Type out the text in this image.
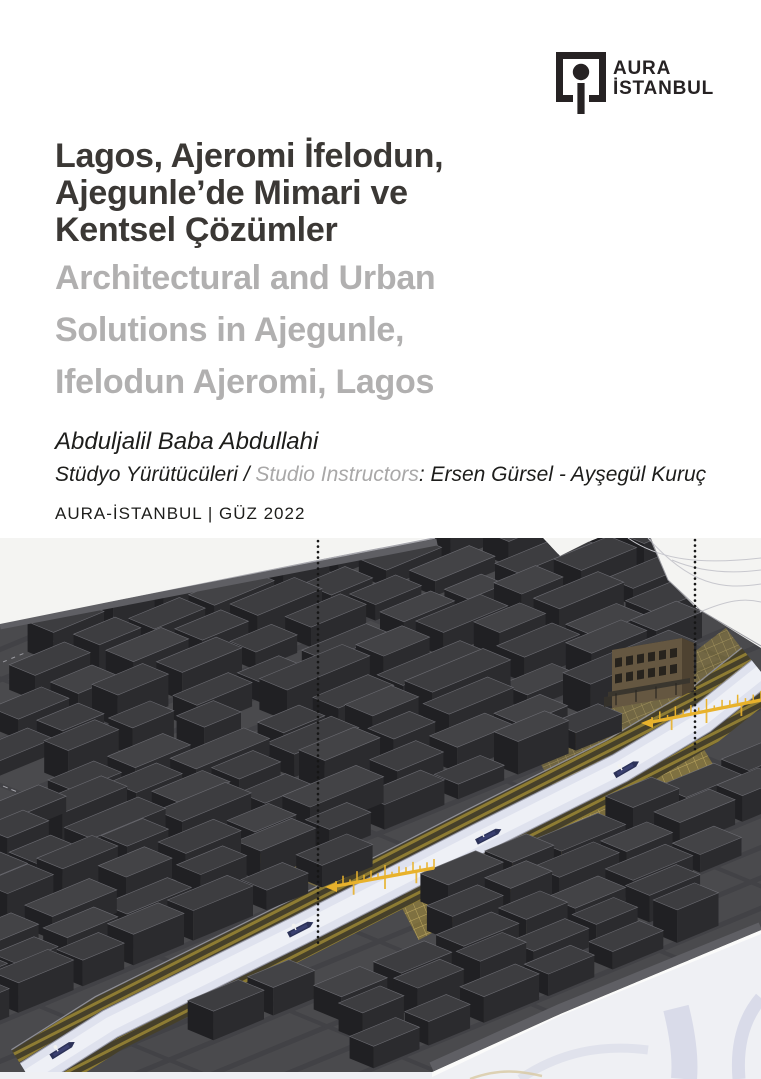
AURA
İSTANBUL
Lagos, Ajeromi İfelodun,
Ajegunle’de Mimari ve
Kentsel Çözümler
Architectural and Urban
Solutions in Ajegunle,
Ifelodun Ajeromi, Lagos
Abduljalil Baba Abdullahi
Stüdyo Yürütücüleri / Studio Instructors: Ersen Gürsel - Ayşegül Kuruç
AURA-İSTANBUL | GÜZ 2022
